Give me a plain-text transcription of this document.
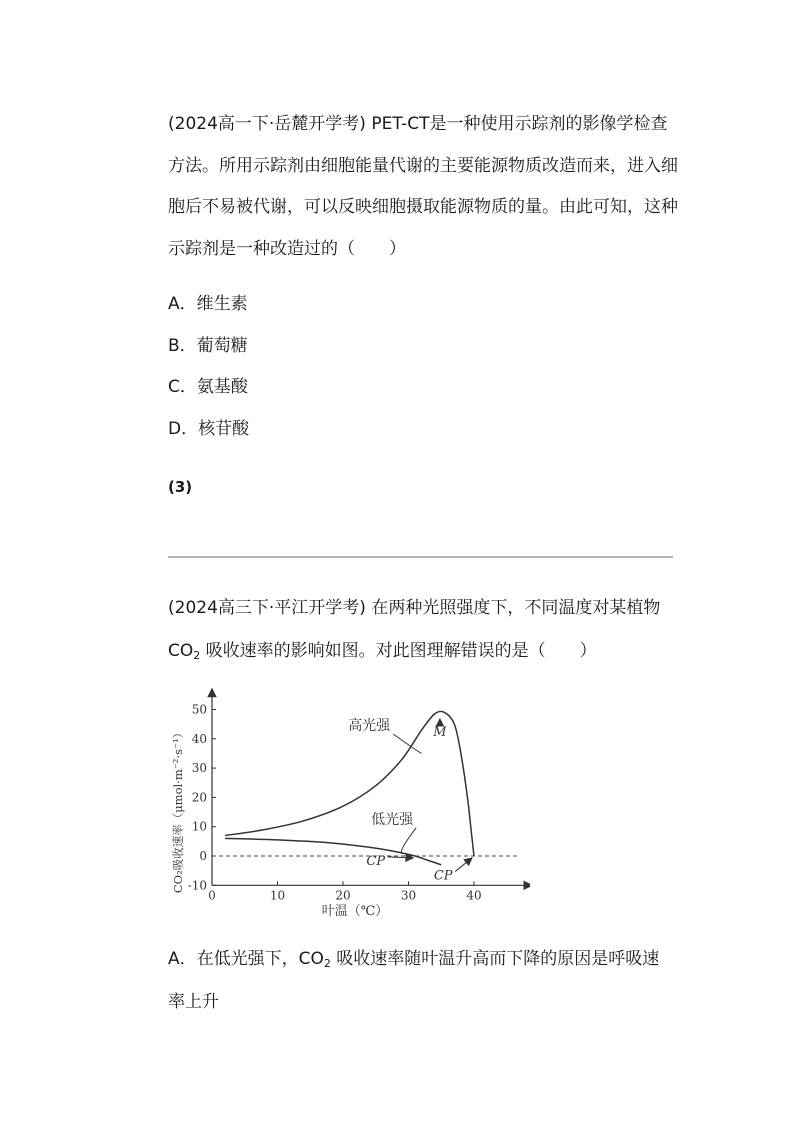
(2024高一下·岳麓开学考) PET-CT是一种使用示踪剂的影像学检查方法。所用示踪剂由细胞能量代谢的主要能源物质改造而来，进入细胞后不易被代谢，可以反映细胞摄取能源物质的量。由此可知，这种示踪剂是一种改造过的（　　）
A．维生素
B．葡萄糖
C．氨基酸
D．核苷酸
(3)
(2024高三下·平江开学考) 在两种光照强度下，不同温度对某植物 $CO_2$ 吸收速率的影响如图。对此图理解错误的是（　　）
-10
0
10
20
30
40
50
0	10	20	30	40
高光强
低光强
M
CP
CP
叶温（℃）
CO₂吸收速率（μmol·m⁻²·s⁻¹）
A．在低光强下，$CO_2$ 吸收速率随叶温升高而下降的原因是呼吸速率上升
